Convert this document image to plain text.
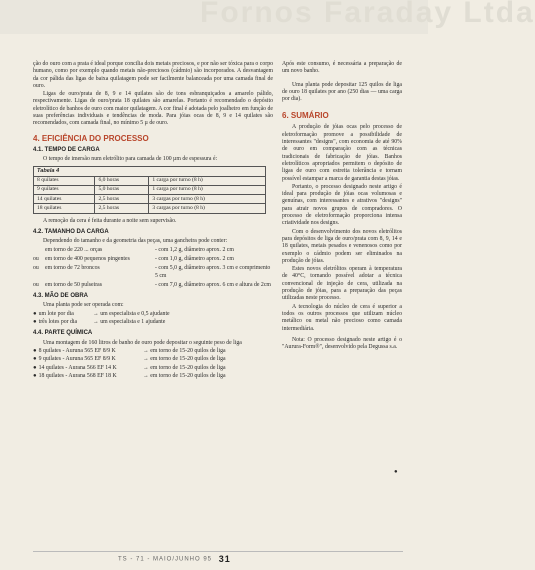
Fornos Faraday Ltda

ção do ouro com a prata é ideal porque concilia dois metais preciosos, e por não ser tóxica para o corpo humano, como por exemplo quando metais não-preciosos (cádmio) são incorporados. A desvantagem da cor pálida das ligas de baixa quilatagem pode ser facilmente balanceada por uma camada final de ouro.

Ligas de ouro/prata de 8, 9 e 14 quilates são de tons esbranquiçados a amarelo pálido, respectivamente. Ligas de ouro/prata 18 quilates são amarelas. Portanto é recomendado o depósito eletrolítico de banhos de ouro com maior quilatagem. A cor final é adotada pelo joalheiro em função de suas preferências individuais e tendências de moda. Para jóias ocas de 8, 9 e 14 quilates são recomendados, com camada final, no mínimo 5 µ de ouro.

4. EFICIÊNCIA DO PROCESSO
4.1. TEMPO DE CARGA

O tempo de imersão num eletrólito para camada de 100 µm de espessura é:

Tabela 4		
8 quilates	6,0 horas	1 carga por turno (8 h)
9 quilates	5,0 horas	1 carga por turno (8 h)
14 quilates	2,5 horas	3 cargas por turno (8 h)
18 quilates	2,5 horas	3 cargas por turno (8 h)

A remoção da cera é feita durante a noite sem supervisão.

4.2. TAMANHO DA CARGA

Dependendo do tamanho e da geometria das peças, uma gancheira pode conter:

em torno de 220 ... orças	- com 1,2 g, diâmetro aprox. 2 cm
ou	em torno de 400 pequenos pingentes	- com 1,0 g, diâmetro aprox. 2 cm
ou	em torno de 72 broncos	- com 5,0 g, diâmetro aprox. 3 cm e comprimento 5 cm
ou	em torno de 50 pulseiras	- com 7,0 g, diâmetro aprox. 6 cm e altura de 2cm
4.3. MÃO DE OBRA

Uma planta pode ser operada com:

● um lote por dia	→ um especialista e 0,5 ajudante
● três lotes por dia	→ um especialista e 1 ajudante
4.4. PARTE QUÍMICA

Uma montagem de 160 litros de banho de ouro pode depositar o seguinte peso de liga

● 8 quilates - Auruna 565 EF 8/9 K	→ em torno de 15-20 quilos de liga
● 9 quilates - Auruna 565 EF 8/9 K	→ em torno de 15-20 quilos de liga
● 14 quilates - Aurana 566 EF 14 K	→ em torno de 15-20 quilos de liga
● 18 quilates - Aurana 568 EF 18 K	→ em torno de 15-20 quilos de liga

Após este consumo, é necessária a preparação de um novo banho.

Uma planta pode depositar 125 quilos de liga de ouro 18 quilates por ano (250 dias — uma carga por dia).

6. SUMÁRIO

A produção de jóias ocas pelo processo de eletroformação promove a possibilidade de interessantes "designs", com economia de até 90% de ouro em comparação com as técnicas tradicionais de fabricação de jóias. Banhos eletrolíticos apropriados permitem o depósito de ligas de ouro com estreita tolerância e tornam possível estampar a marca de garantia destas jóias.

Portanto, o processo designado neste artigo é ideal para produção de jóias ocas volumosas e genuínas, com interessantes e atrativos "designs" para atrair novos grupos de compradores. O processo de eletroformação proporciona intensa criatividade nos designs.

Com o desenvolvimento dos novos eletrólitos para depósitos de liga de ouro/prata com 8, 9, 14 e 18 quilates, metais pesados e venenosos como por exemplo o cádmio podem ser eliminados na produção de jóias.

Estes novos eletrólitos operam à temperatura de 40°C, tornando possível adotar a técnica convencional de injeção de cera, utilizada na produção de jóias, para a preparação das peças utilizadas neste processo.

A tecnologia do núcleo de cera é superior a todos os outros processos que utilizam núcleo metálico ou metal não precioso como camada intermediária.

Nota: O processo designado neste artigo é o "Aurura-Form®", desenvolvido pela Degussa s.a.

●
TS - 71 - MAIO/JUNHO 95 31
